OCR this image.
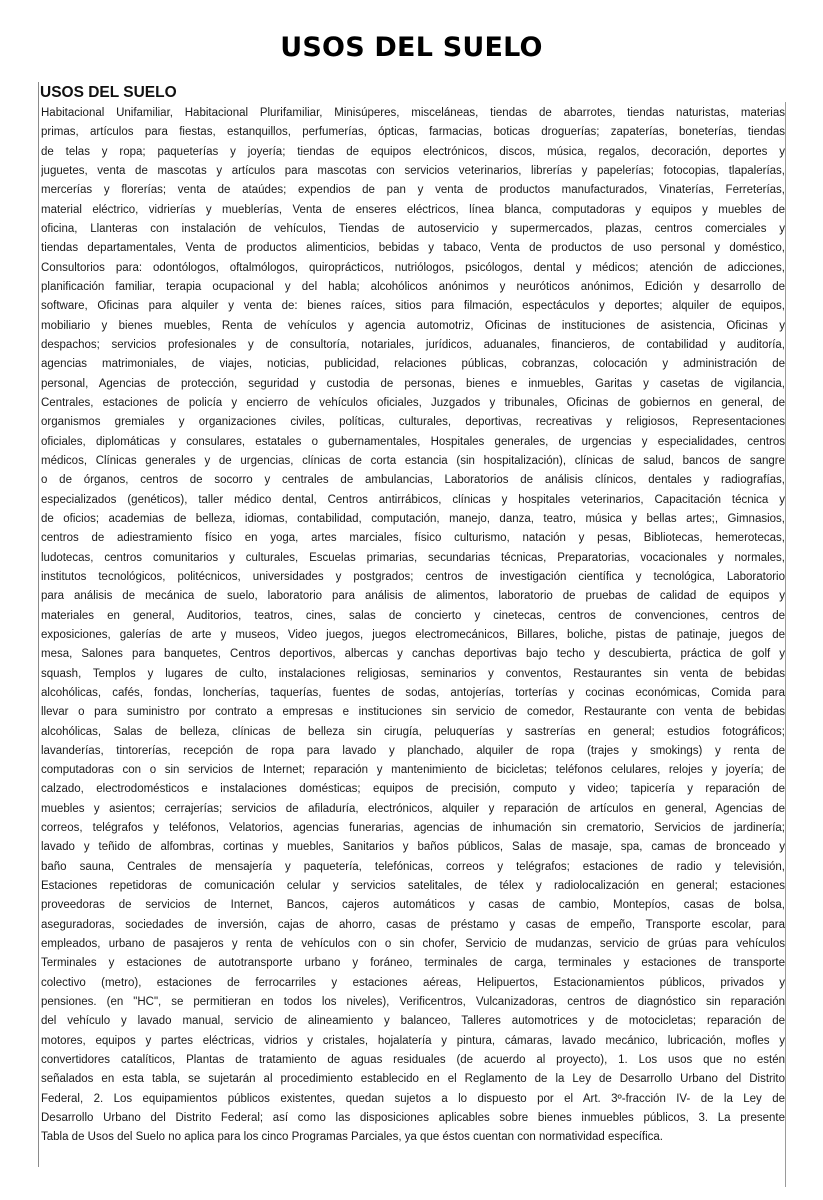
USOS DEL SUELO
USOS DEL SUELO
Habitacional Unifamiliar, Habitacional Plurifamiliar, Minisúperes, misceláneas, tiendas de abarrotes, tiendas naturistas, materias
primas, artículos para fiestas, estanquillos, perfumerías, ópticas, farmacias, boticas droguerías; zapaterías, boneterías, tiendas
de telas y ropa; paqueterías y joyería; tiendas de equipos electrónicos, discos, música, regalos, decoración, deportes y
juguetes, venta de mascotas y artículos para mascotas con servicios veterinarios, librerías y papelerías; fotocopias, tlapalerías,
mercerías y florerías; venta de ataúdes; expendios de pan y venta de productos manufacturados, Vinaterías, Ferreterías,
material eléctrico, vidrierías y mueblerías, Venta de enseres eléctricos, línea blanca, computadoras y equipos y muebles de
oficina, Llanteras con instalación de vehículos, Tiendas de autoservicio y supermercados, plazas, centros comerciales y
tiendas departamentales, Venta de productos alimenticios, bebidas y tabaco, Venta de productos de uso personal y doméstico,
Consultorios para: odontólogos, oftalmólogos, quiroprácticos, nutriólogos, psicólogos, dental y médicos; atención de adicciones,
planificación familiar, terapia ocupacional y del habla; alcohólicos anónimos y neuróticos anónimos, Edición y desarrollo de
software, Oficinas para alquiler y venta de: bienes raíces, sitios para filmación, espectáculos y deportes; alquiler de equipos,
mobiliario y bienes muebles, Renta de vehículos y agencia automotriz, Oficinas de instituciones de asistencia, Oficinas y
despachos; servicios profesionales y de consultoría, notariales, jurídicos, aduanales, financieros, de contabilidad y auditoría,
agencias matrimoniales, de viajes, noticias, publicidad, relaciones públicas, cobranzas, colocación y administración de
personal, Agencias de protección, seguridad y custodia de personas, bienes e inmuebles, Garitas y casetas de vigilancia,
Centrales, estaciones de policía y encierro de vehículos oficiales, Juzgados y tribunales, Oficinas de gobiernos en general, de
organismos gremiales y organizaciones civiles, políticas, culturales, deportivas, recreativas y religiosos, Representaciones
oficiales, diplomáticas y consulares, estatales o gubernamentales, Hospitales generales, de urgencias y especialidades, centros
médicos, Clínicas generales y de urgencias, clínicas de corta estancia (sin hospitalización), clínicas de salud, bancos de sangre
o de órganos, centros de socorro y centrales de ambulancias, Laboratorios de análisis clínicos, dentales y radiografías,
especializados (genéticos), taller médico dental, Centros antirrábicos, clínicas y hospitales veterinarios, Capacitación técnica y
de oficios; academias de belleza, idiomas, contabilidad, computación, manejo, danza, teatro, música y bellas artes;, Gimnasios,
centros de adiestramiento físico en yoga, artes marciales, físico culturismo, natación y pesas, Bibliotecas, hemerotecas,
ludotecas, centros comunitarios y culturales, Escuelas primarias, secundarias técnicas, Preparatorias, vocacionales y normales,
institutos tecnológicos, politécnicos, universidades y postgrados; centros de investigación científica y tecnológica, Laboratorio
para análisis de mecánica de suelo, laboratorio para análisis de alimentos, laboratorio de pruebas de calidad de equipos y
materiales en general, Auditorios, teatros, cines, salas de concierto y cinetecas, centros de convenciones, centros de
exposiciones, galerías de arte y museos, Video juegos, juegos electromecánicos, Billares, boliche, pistas de patinaje, juegos de
mesa, Salones para banquetes, Centros deportivos, albercas y canchas deportivas bajo techo y descubierta, práctica de golf y
squash, Templos y lugares de culto, instalaciones religiosas, seminarios y conventos, Restaurantes sin venta de bebidas
alcohólicas, cafés, fondas, loncherías, taquerías, fuentes de sodas, antojerías, torterías y cocinas económicas, Comida para
llevar o para suministro por contrato a empresas e instituciones sin servicio de comedor, Restaurante con venta de bebidas
alcohólicas, Salas de belleza, clínicas de belleza sin cirugía, peluquerías y sastrerías en general; estudios fotográficos;
lavanderías, tintorerías, recepción de ropa para lavado y planchado, alquiler de ropa (trajes y smokings) y renta de
computadoras con o sin servicios de Internet; reparación y mantenimiento de bicicletas; teléfonos celulares, relojes y joyería; de
calzado, electrodomésticos e instalaciones domésticas; equipos de precisión, computo y video; tapicería y reparación de
muebles y asientos; cerrajerías; servicios de afiladuría, electrónicos, alquiler y reparación de artículos en general, Agencias de
correos, telégrafos y teléfonos, Velatorios, agencias funerarias, agencias de inhumación sin crematorio, Servicios de jardinería;
lavado y teñido de alfombras, cortinas y muebles, Sanitarios y baños públicos, Salas de masaje, spa, camas de bronceado y
baño sauna, Centrales de mensajería y paquetería, telefónicas, correos y telégrafos; estaciones de radio y televisión,
Estaciones repetidoras de comunicación celular y servicios satelitales, de télex y radiolocalización en general; estaciones
proveedoras de servicios de Internet, Bancos, cajeros automáticos y casas de cambio, Montepíos, casas de bolsa,
aseguradoras, sociedades de inversión, cajas de ahorro, casas de préstamo y casas de empeño, Transporte escolar, para
empleados, urbano de pasajeros y renta de vehículos con o sin chofer, Servicio de mudanzas, servicio de grúas para vehículos
Terminales y estaciones de autotransporte urbano y foráneo, terminales de carga, terminales y estaciones de transporte
colectivo (metro), estaciones de ferrocarriles y estaciones aéreas, Helipuertos, Estacionamientos públicos, privados y
pensiones. (en "HC", se permitieran en todos los niveles), Verificentros, Vulcanizadoras, centros de diagnóstico sin reparación
del vehículo y lavado manual, servicio de alineamiento y balanceo, Talleres automotrices y de motocicletas; reparación de
motores, equipos y partes eléctricas, vidrios y cristales, hojalatería y pintura, cámaras, lavado mecánico, lubricación, mofles y
convertidores catalíticos, Plantas de tratamiento de aguas residuales (de acuerdo al proyecto), 1. Los usos que no estén
señalados en esta tabla, se sujetarán al procedimiento establecido en el Reglamento de la Ley de Desarrollo Urbano del Distrito
Federal, 2. Los equipamientos públicos existentes, quedan sujetos a lo dispuesto por el Art. 3º-fracción IV- de la Ley de
Desarrollo Urbano del Distrito Federal; así como las disposiciones aplicables sobre bienes inmuebles públicos, 3. La presente
Tabla de Usos del Suelo no aplica para los cinco Programas Parciales, ya que éstos cuentan con normatividad específica.
